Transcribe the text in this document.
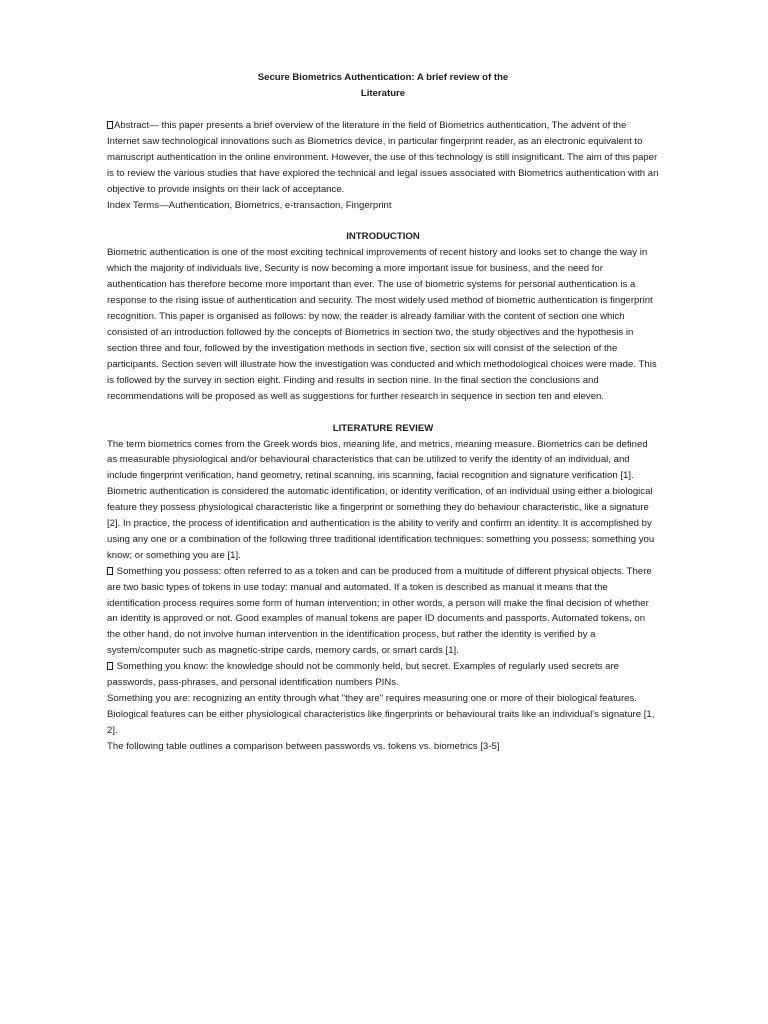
Secure Biometrics Authentication: A brief review of the
Literature

Abstract— this paper presents a brief overview of the literature in the field of Biometrics authentication, The advent of the Internet saw technological innovations such as Biometrics device, in particular fingerprint reader, as an electronic equivalent to manuscript authentication in the online environment. However, the use of this technology is still insignificant. The aim of this paper is to review the various studies that have explored the technical and legal issues associated with Biometrics authentication with an objective to provide insights on their lack of acceptance.

Index Terms—Authentication, Biometrics, e-transaction, Fingerprint

INTRODUCTION

Biometric authentication is one of the most exciting technical improvements of recent history and looks set to change the way in which the majority of individuals live, Security is now becoming a more important issue for business, and the need for authentication has therefore become more important than ever. The use of biometric systems for personal authentication is a response to the rising issue of authentication and security. The most widely used method of biometric authentication is fingerprint recognition. This paper is organised as follows: by now, the reader is already familiar with the content of section one which consisted of an introduction followed by the concepts of Biometrics in section two, the study objectives and the hypothesis in section three and four, followed by the investigation methods in section five, section six will consist of the selection of the participants. Section seven will illustrate how the investigation was conducted and which methodological choices were made. This is followed by the survey in section eight. Finding and results in section nine. In the final section the conclusions and recommendations will be proposed as well as suggestions for further research in sequence in section ten and eleven.

LITERATURE REVIEW

The term biometrics comes from the Greek words bios, meaning life, and metrics, meaning measure. Biometrics can be defined as measurable physiological and/or behavioural characteristics that can be utilized to verify the identity of an individual, and include fingerprint verification, hand geometry, retinal scanning, iris scanning, facial recognition and signature verification [1]. Biometric authentication is considered the automatic identification, or identity verification, of an individual using either a biological feature they possess physiological characteristic like a fingerprint or something they do behaviour characteristic, like a signature [2]. In practice, the process of identification and authentication is the ability to verify and confirm an identity. It is accomplished by using any one or a combination of the following three traditional identification techniques: something you possess; something you know; or something you are [1].

Something you possess: often referred to as a token and can be produced from a multitude of different physical objects. There are two basic types of tokens in use today: manual and automated. If a token is described as manual it means that the identification process requires some form of human intervention; in other words, a person will make the final decision of whether an identity is approved or not. Good examples of manual tokens are paper ID documents and passports. Automated tokens, on the other hand, do not involve human intervention in the identification process, but rather the identity is verified by a system/computer such as magnetic-stripe cards, memory cards, or smart cards [1].

Something you know: the knowledge should not be commonly held, but secret. Examples of regularly used secrets are passwords, pass-phrases, and personal identification numbers PINs.

Something you are: recognizing an entity through what "they are" requires measuring one or more of their biological features.

Biological features can be either physiological characteristics like fingerprints or behavioural traits like an individual's signature [1, 2].

The following table outlines a comparison between passwords vs. tokens vs. biometrics [3-5]
